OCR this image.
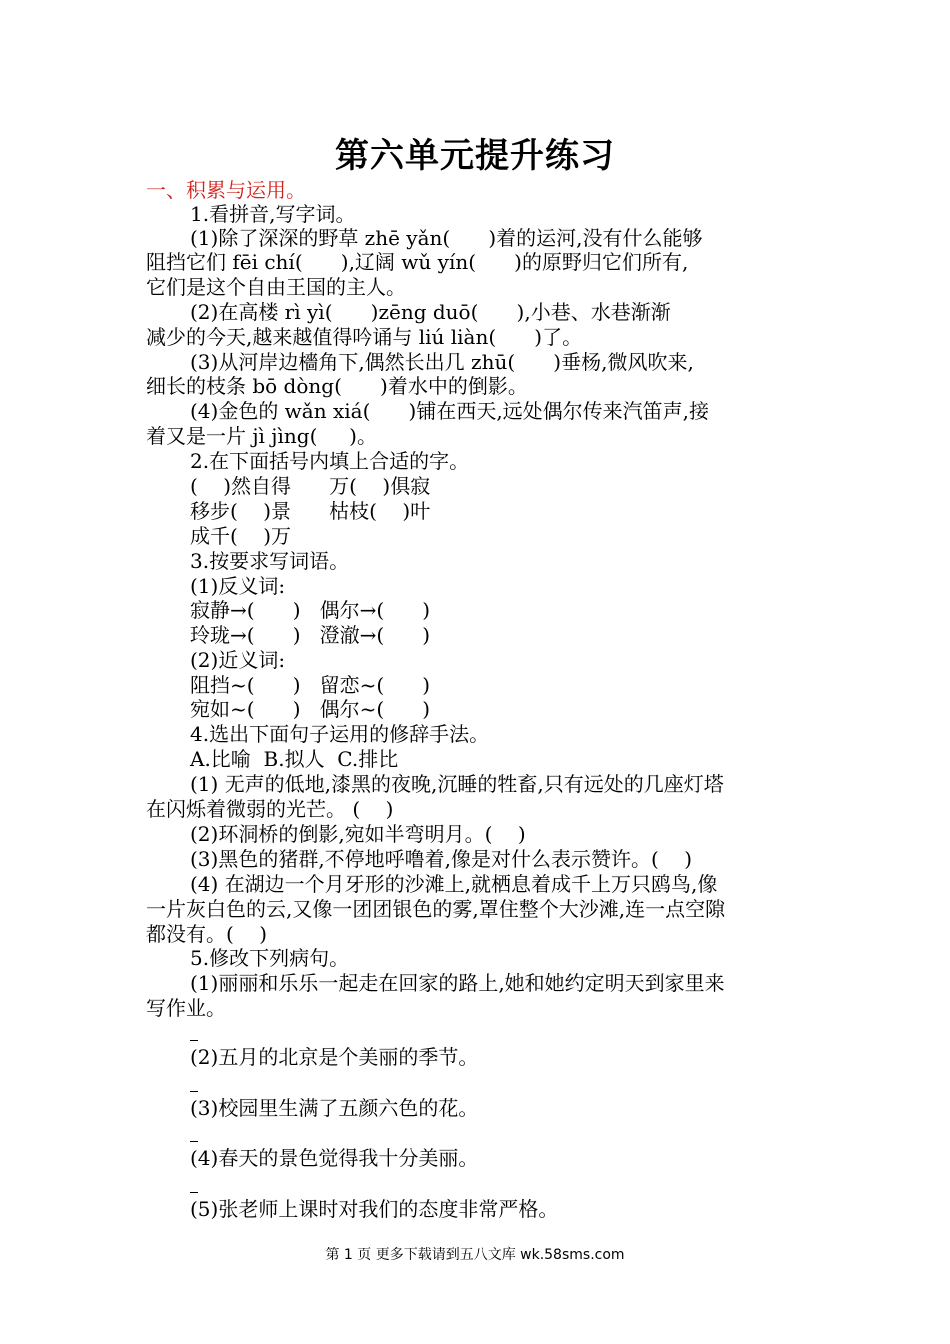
第六单元提升练习
一、积累与运用。
1.看拼音,写字词。
(1)除了深深的野草 zhē yǎn(      )着的运河,没有什么能够
阻挡它们 fēi chí(      ),辽阔 wǔ yín(      )的原野归它们所有,
它们是这个自由王国的主人。
(2)在高楼 rì yì(      )zēng duō(      ),小巷、水巷渐渐
减少的今天,越来越值得吟诵与 liú liàn(      )了。
(3)从河岸边檣角下,偶然长出几 zhū(      )垂杨,微风吹来,
细长的枝条 bō dòng(      )着水中的倒影。
(4)金色的 wǎn xiá(      )铺在西天,远处偶尔传来汽笛声,接
着又是一片 jì jìng(     )。
2.在下面括号内填上合适的字。
(    )然自得      万(    )俱寂
移步(    )景      枯枝(    )叶
成千(    )万
3.按要求写词语。
(1)反义词:
寂静→(      )   偶尔→(      )
玲珑→(      )   澄澈→(      )
(2)近义词:
阻挡~(      )   留恋~(      )
宛如~(      )   偶尔~(      )
4.选出下面句子运用的修辞手法。
A.比喻  B.拟人  C.排比
(1) 无声的低地,漆黑的夜晚,沉睡的牲畜,只有远处的几座灯塔
在闪烁着微弱的光芒。 (    )
(2)环洞桥的倒影,宛如半弯明月。(    )
(3)黑色的猪群,不停地呼噜着,像是对什么表示赞许。(    )
(4) 在湖边一个月牙形的沙滩上,就栖息着成千上万只鸥鸟,像
一片灰白色的云,又像一团团银色的雾,罩住整个大沙滩,连一点空隙
都没有。(    )
5.修改下列病句。
(1)丽丽和乐乐一起走在回家的路上,她和她约定明天到家里来
写作业。
(2)五月的北京是个美丽的季节。
(3)校园里生满了五颜六色的花。
(4)春天的景色觉得我十分美丽。
(5)张老师上课时对我们的态度非常严格。
第 1 页 更多下载请到五八文库 wk.58sms.com
